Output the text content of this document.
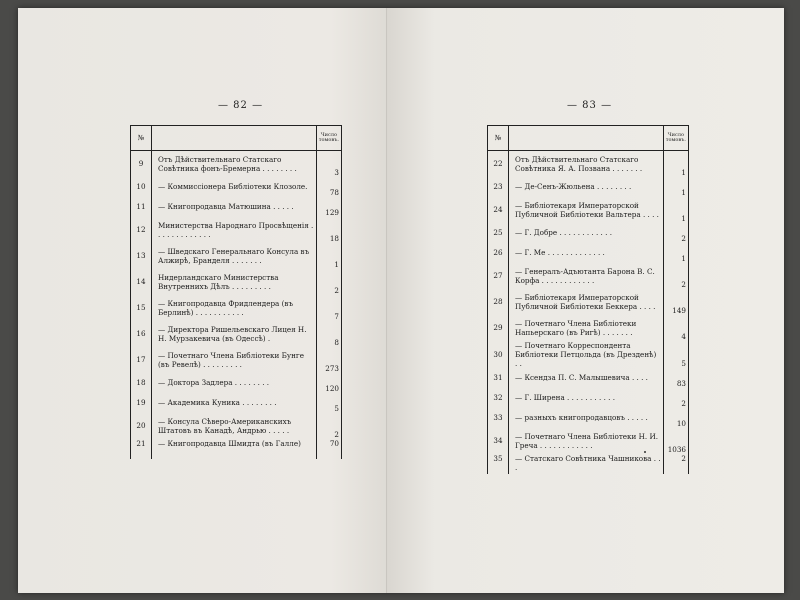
— 82 —
№		Число томовъ.
9	Отъ Дѣйствительнаго Статскаго Совѣтника фонъ-Бремерна . . . . . . . .	3
10	— Коммиссіонера Библіотеки Клозоле.	78
11	— Книгопродавца Матюшина . . . . .	129
12	Министерства Народнаго Просвѣщенія . . . . . . . . . . . . .	18
13	— Шведскаго Генеральнаго Консула въ Алжирѣ, Бранделя . . . . . . .	1
14	Нидерландскаго Министерства Внутреннихъ Дѣлъ . . . . . . . . .	2
15	— Книгопродавца Фридлендера (въ Берлинѣ) . . . . . . . . . . .	7
16	— Директора Ришельевскаго Лицея Н. Н. Мурзакевича (въ Одессѣ) .	8
17	— Почетнаго Члена Библіотеки Бунге (въ Ревелѣ) . . . . . . . . .	273
18	— Доктора Задлера . . . . . . . .	120
19	— Академика Куника . . . . . . . .	5
20	— Консула Сѣверо-Американскихъ Штатовъ въ Канадѣ, Андрью . . . . .	2
21	— Книгопродавца Шмидта (въ Галле)	70
— 83 —
№		Число томовъ.
22	Отъ Дѣйствительнаго Статскаго Совѣтника Я. А. Позвана . . . . . . .	1
23	— Де-Сенъ-Жюльена . . . . . . . .	1
24	— Библіотекаря Императорской Публичной Библіотеки Вальтера . . . .	1
25	— Г. Добре . . . . . . . . . . . .	2
26	— Г. Ме . . . . . . . . . . . . .	1
27	— Генералъ-Адъютанта Барона В. С. Корфа . . . . . . . . . . . .	2
28	— Библіотекаря Императорской Публичной Библіотеки Беккера . . . .	149
29	— Почетнаго Члена Библіотеки Напьерскаго (въ Ригѣ) . . . . . . .	4
30	— Почетнаго Корреспондента Библіотеки Петцольда (въ Дрезденѣ) . .	5
31	— Ксендза П. С. Малышевича . . . .	83
32	— Г. Ширена . . . . . . . . . . .	2
33	— разныхъ книгопродавцовъ . . . . .	10
34	— Почетнаго Члена Библіотеки Н. И. Греча . . . . . . . . . . . .	1036
35	— Статскаго Совѣтника Чашникова . . .	2
